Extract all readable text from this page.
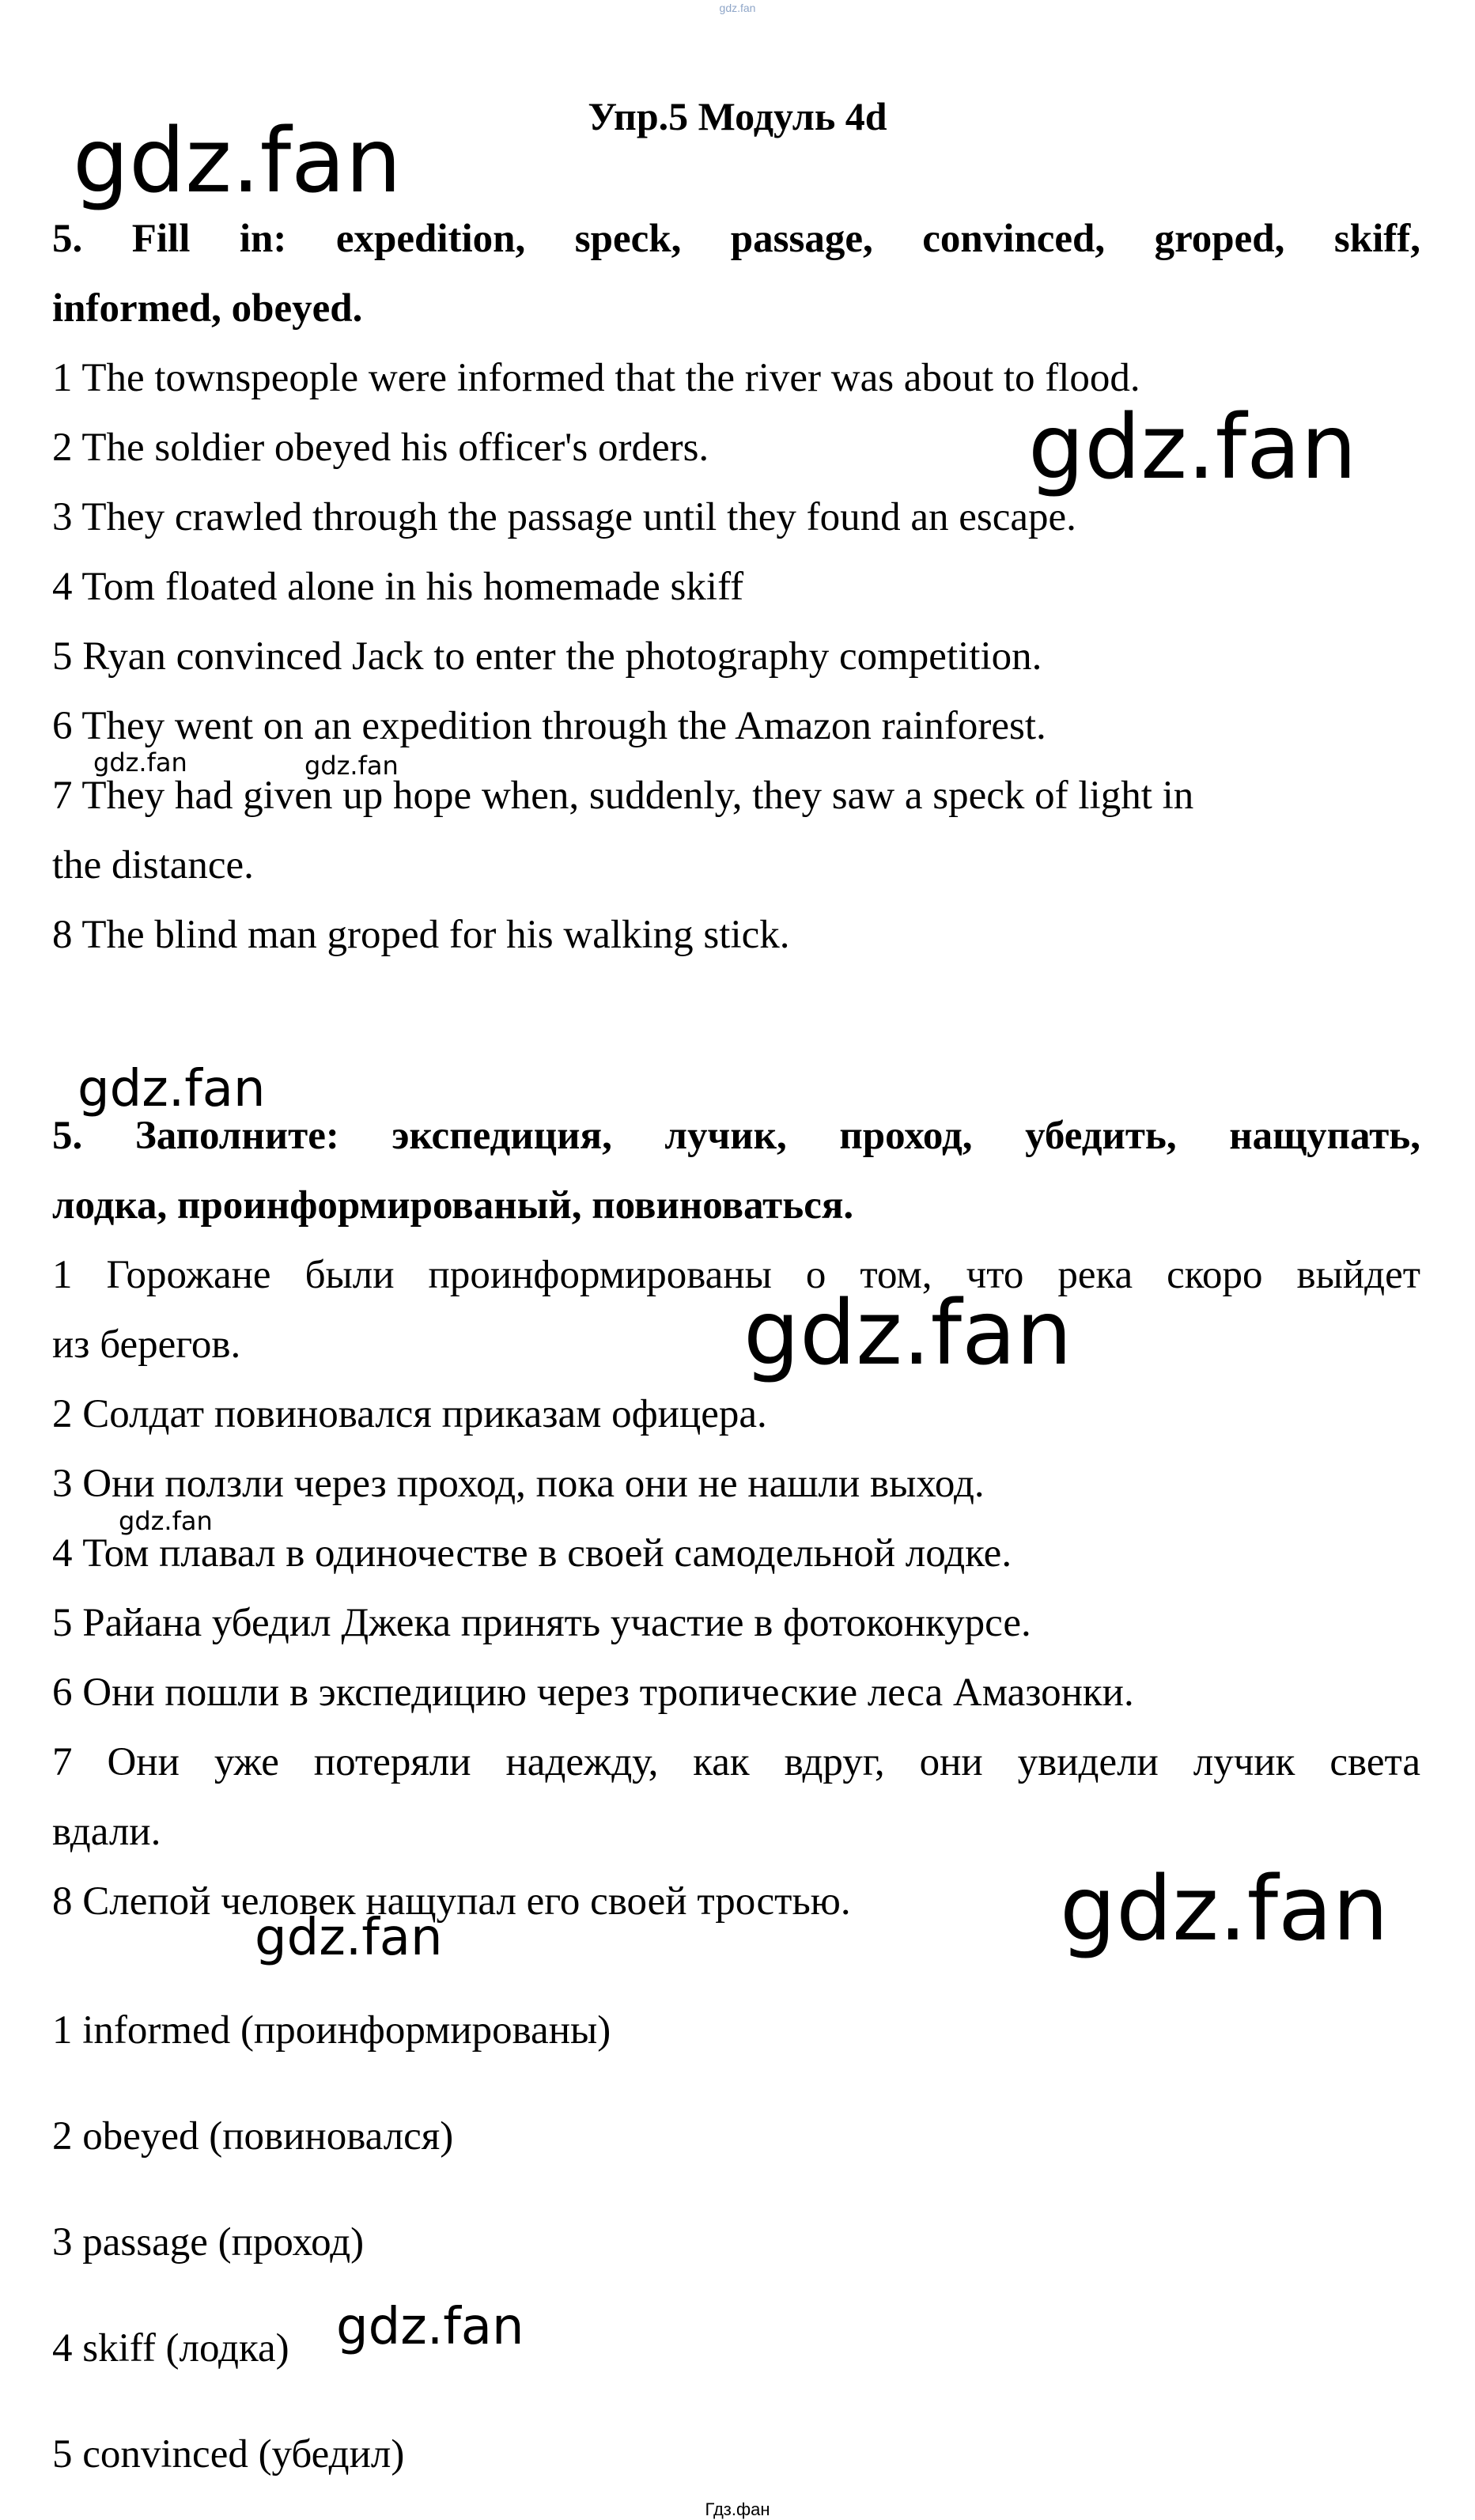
gdz.fan
Упр.5 Модуль 4d

5. Fill in: expedition, speck, passage, convinced, groped, skiff,

informed, obeyed.

1 The townspeople were informed that the river was about to flood.

2 The soldier obeyed his officer's orders.

3 They crawled through the passage until they found an escape.

4 Tom floated alone in his homemade skiff

5 Ryan convinced Jack to enter the photography competition.

6 They went on an expedition through the Amazon rainforest.

7 They had given up hope when, suddenly, they saw a speck of light in

the distance.

8 The blind man groped for his walking stick.

5. Заполните: экспедиция, лучик, проход, убедить, нащупать,

лодка, проинформированый, повиноваться.

1 Горожане были проинформированы о том, что река скоро выйдет

из берегов.

2 Солдат повиновался приказам офицера.

3 Они ползли через проход, пока они не нашли выход.

4 Том плавал в одиночестве в своей самодельной лодке.

5 Райана убедил Джека принять участие в фотоконкурсе.

6 Они пошли в экспедицию через тропические леса Амазонки.

7 Они уже потеряли надежду, как вдруг, они увидели лучик света

вдали.

8 Слепой человек нащупал его своей тростью.

1 informed (проинформированы)

2 obeyed (повиновался)

3 passage (проход)

4 skiff (лодка)

5 convinced (убедил)

gdz.fan
gdz.fan
gdz.fan	gdz.fan
gdz.fan
gdz.fan
gdz.fan
gdz.fan	gdz.fan
gdz.fan
Гдз.фан
